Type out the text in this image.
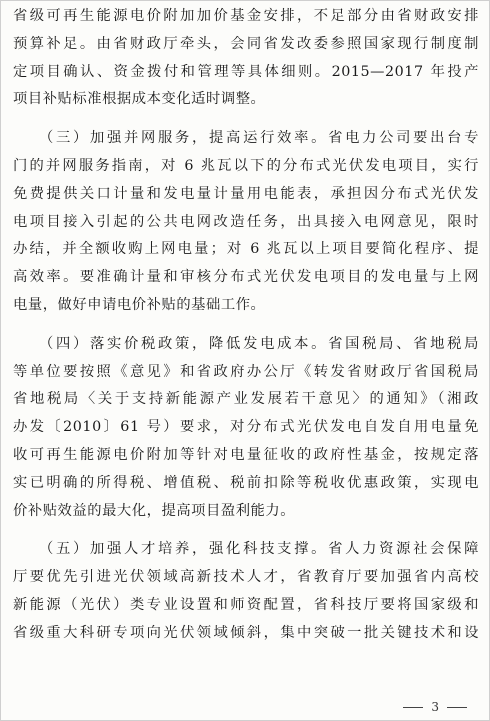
省级可再生能源电价附加加价基金安排，不足部分由省财政安排
预算补足。由省财政厅牵头，会同省发改委参照国家现行制度制
定项目确认、资金拨付和管理等具体细则。2015—2017 年投产
项目补贴标准根据成本变化适时调整。
（三）加强并网服务，提高运行效率。省电力公司要出台专
门的并网服务指南，对 6 兆瓦以下的分布式光伏发电项目，实行
免费提供关口计量和发电量计量用电能表，承担因分布式光伏发
电项目接入引起的公共电网改造任务，出具接入电网意见，限时
办结，并全额收购上网电量；对 6 兆瓦以上项目要简化程序、提
高效率。要准确计量和审核分布式光伏发电项目的发电量与上网
电量，做好申请电价补贴的基础工作。
（四）落实价税政策，降低发电成本。省国税局、省地税局
等单位要按照《意见》和省政府办公厅《转发省财政厅省国税局
省地税局〈关于支持新能源产业发展若干意见〉的通知》（湘政
办发〔2010〕61 号）要求，对分布式光伏发电自发自用电量免
收可再生能源电价附加等针对电量征收的政府性基金，按规定落
实已明确的所得税、增值税、税前扣除等税收优惠政策，实现电
价补贴效益的最大化，提高项目盈利能力。
（五）加强人才培养，强化科技支撑。省人力资源社会保障
厅要优先引进光伏领域高新技术人才，省教育厅要加强省内高校
新能源（光伏）类专业设置和师资配置，省科技厅要将国家级和
省级重大科研专项向光伏领域倾斜，集中突破一批关键技术和设
3
